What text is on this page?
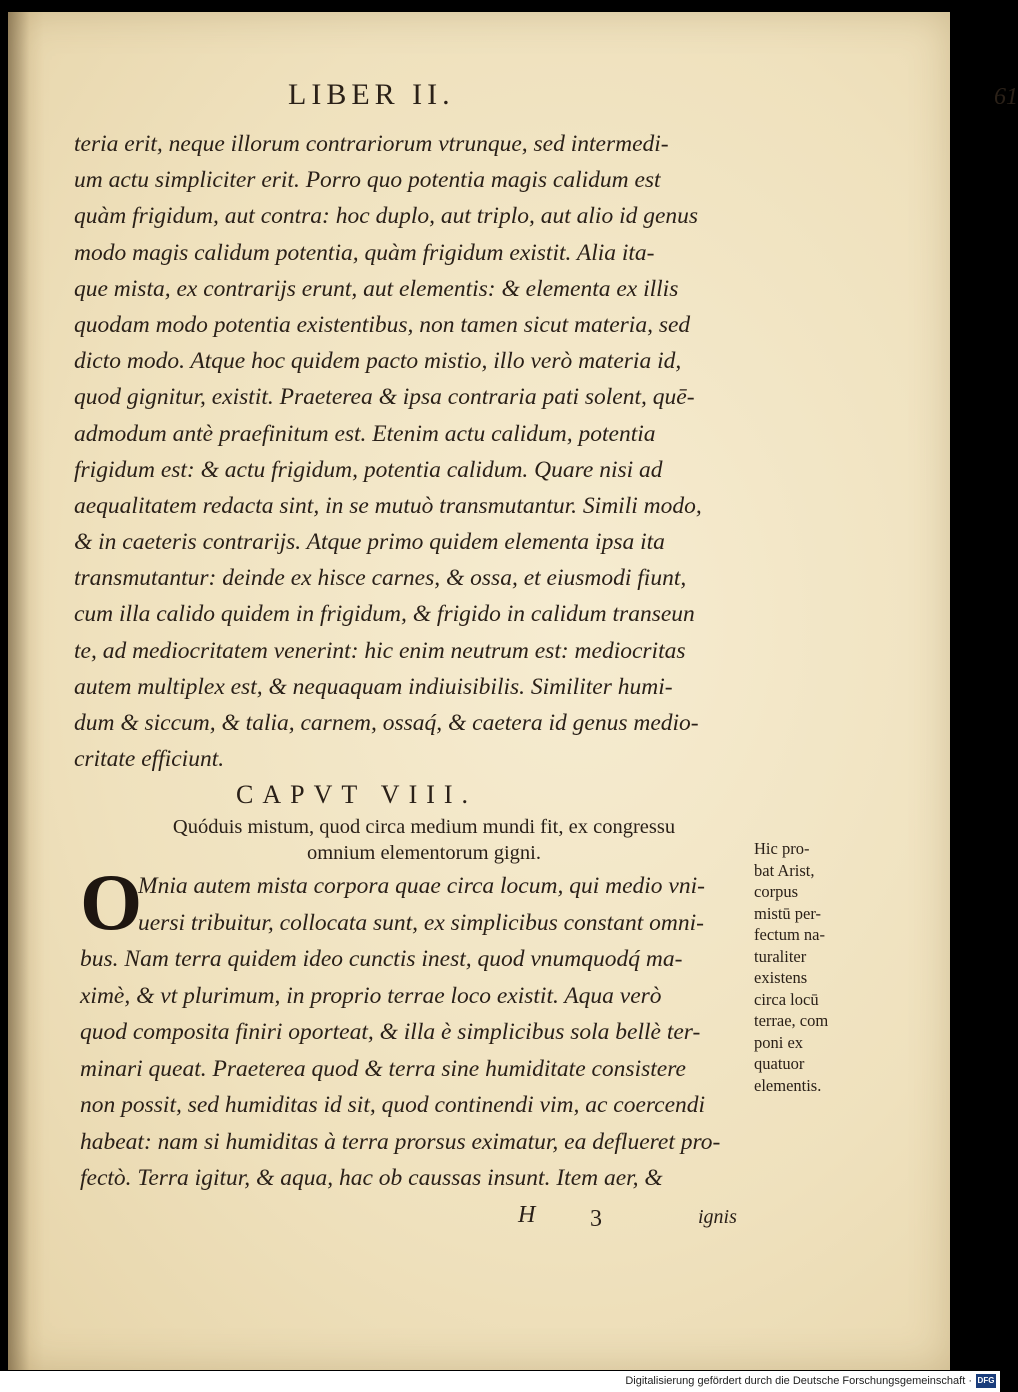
LIBER II.	61
teria erit, neque illorum contrariorum vtrunque, sed intermedi-
um actu simpliciter erit. Porro quo potentia magis calidum est
quàm frigidum, aut contra: hoc duplo, aut triplo, aut alio id genus
modo magis calidum potentia, quàm frigidum existit. Alia ita-
que mista, ex contrarijs erunt, aut elementis: & elementa ex illis
quodam modo potentia existentibus, non tamen sicut materia, sed
dicto modo. Atque hoc quidem pacto mistio, illo verò materia id,
quod gignitur, existit. Praeterea & ipsa contraria pati solent, quē-
admodum antè praefinitum est. Etenim actu calidum, potentia
frigidum est: & actu frigidum, potentia calidum. Quare nisi ad
aequalitatem redacta sint, in se mutuò transmutantur. Simili modo,
& in caeteris contrarijs. Atque primo quidem elementa ipsa ita
transmutantur: deinde ex hisce carnes, & ossa, et eiusmodi fiunt,
cum illa calido quidem in frigidum, & frigido in calidum transeun
te, ad mediocritatem venerint: hic enim neutrum est: mediocritas
autem multiplex est, & nequaquam indiuisibilis. Similiter humi-
dum & siccum, & talia, carnem, ossaq́, & caetera id genus medio-
critate efficiunt.
CAPVT VIII.
Quóduis mistum, quod circa medium mundi fit, ex congressu
omnium elementorum gigni.
O
Mnia autem mista corpora quae circa locum, qui medio vni-
uersi tribuitur, collocata sunt, ex simplicibus constant omni-
bus. Nam terra quidem ideo cunctis inest, quod vnumquodq́ ma-
ximè, & vt plurimum, in proprio terrae loco existit. Aqua verò
quod composita finiri oporteat, & illa è simplicibus sola bellè ter-
minari queat. Praeterea quod & terra sine humiditate consistere
non possit, sed humiditas id sit, quod continendi vim, ac coercendi
habeat: nam si humiditas à terra prorsus eximatur, ea deflueret pro-
fectò. Terra igitur, & aqua, hac ob caussas insunt. Item aer, &
Hic pro-
bat Arist,
corpus
mistū per-
fectum na-
turaliter
existens
circa locū
terrae, com
poni ex
quatuor
elementis.
H 3	ignis
Digitalisierung gefördert durch die Deutsche Forschungsgemeinschaft · DFG
